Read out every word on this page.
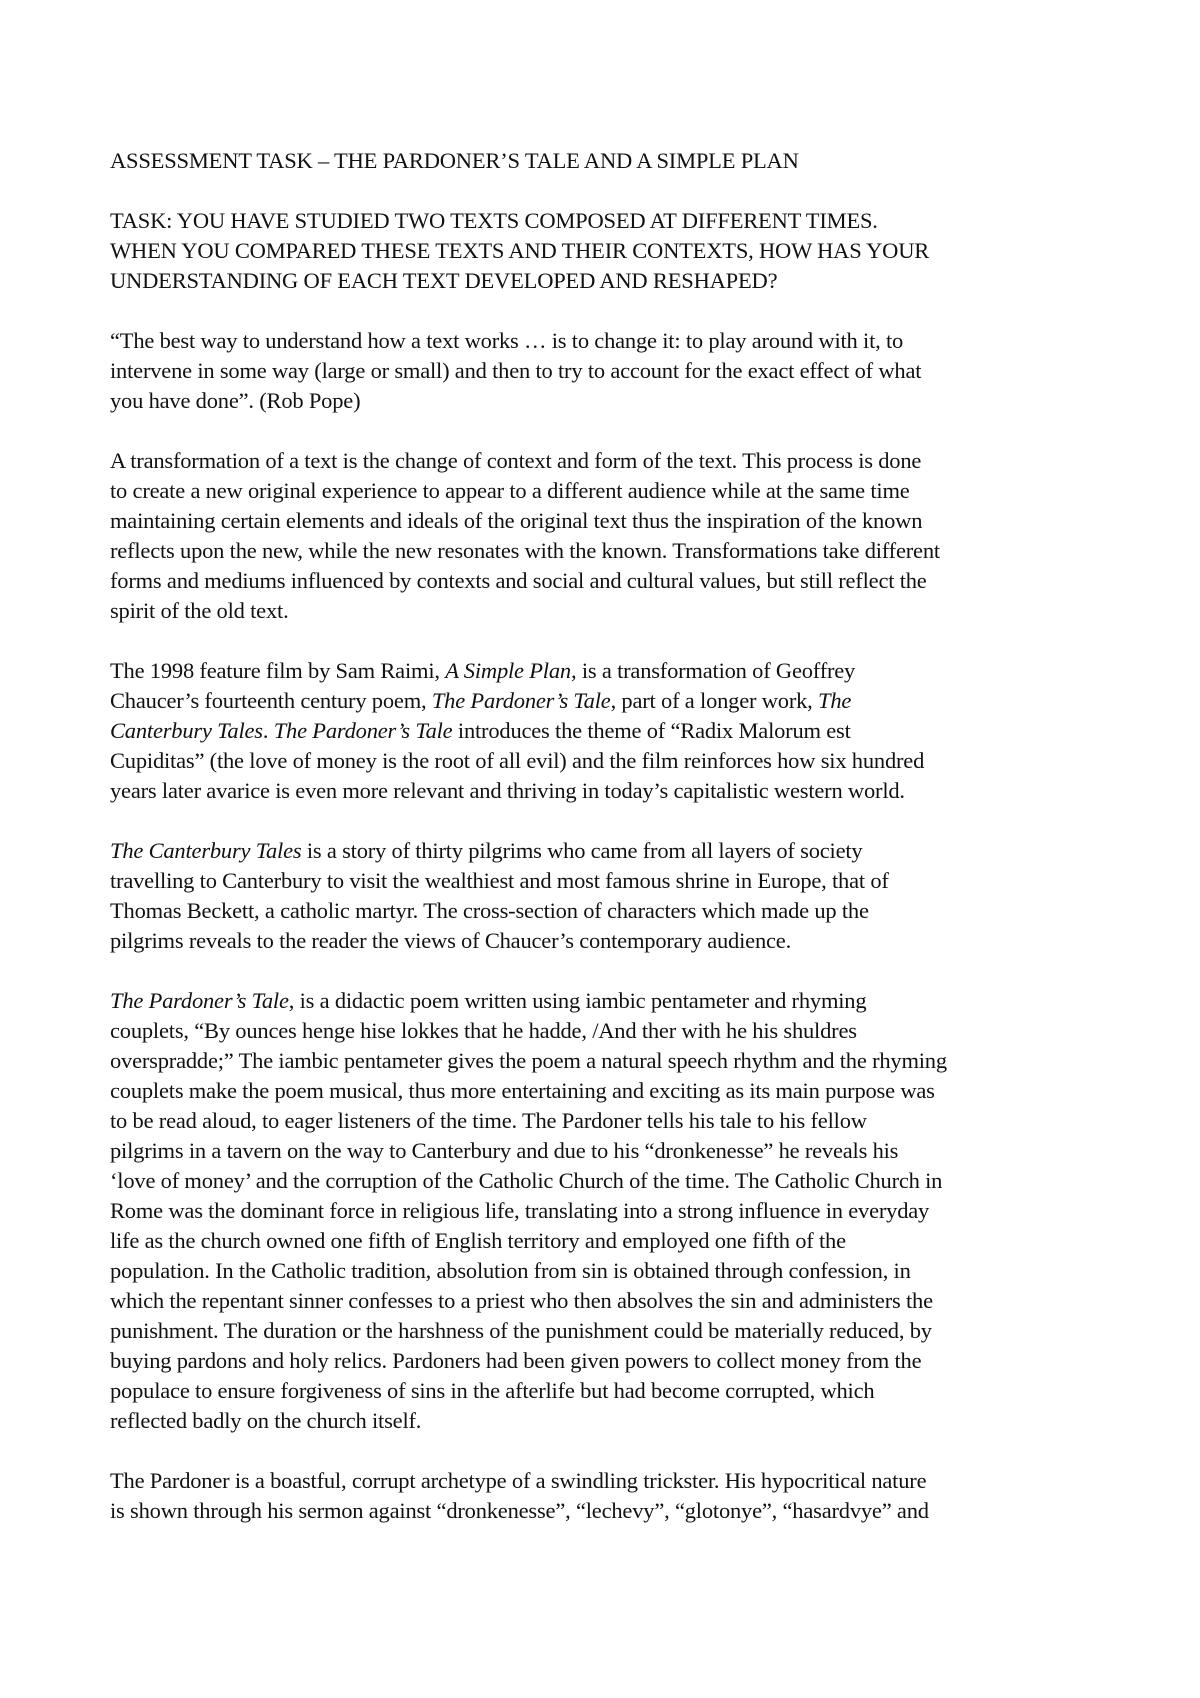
ASSESSMENT TASK – THE PARDONER’S TALE AND A SIMPLE PLAN

TASK: YOU HAVE STUDIED TWO TEXTS COMPOSED AT DIFFERENT TIMES.
WHEN YOU COMPARED THESE TEXTS AND THEIR CONTEXTS, HOW HAS YOUR
UNDERSTANDING OF EACH TEXT DEVELOPED AND RESHAPED?

“The best way to understand how a text works … is to change it: to play around with it, to
intervene in some way (large or small) and then to try to account for the exact effect of what
you have done”. (Rob Pope)

A transformation of a text is the change of context and form of the text. This process is done
to create a new original experience to appear to a different audience while at the same time
maintaining certain elements and ideals of the original text thus the inspiration of the known
reflects upon the new, while the new resonates with the known. Transformations take different
forms and mediums influenced by contexts and social and cultural values, but still reflect the
spirit of the old text.

The 1998 feature film by Sam Raimi, A Simple Plan, is a transformation of Geoffrey
Chaucer’s fourteenth century poem, The Pardoner’s Tale, part of a longer work, The
Canterbury Tales. The Pardoner’s Tale introduces the theme of “Radix Malorum est
Cupiditas” (the love of money is the root of all evil) and the film reinforces how six hundred
years later avarice is even more relevant and thriving in today’s capitalistic western world.

The Canterbury Tales is a story of thirty pilgrims who came from all layers of society
travelling to Canterbury to visit the wealthiest and most famous shrine in Europe, that of
Thomas Beckett, a catholic martyr. The cross-section of characters which made up the
pilgrims reveals to the reader the views of Chaucer’s contemporary audience.

The Pardoner’s Tale, is a didactic poem written using iambic pentameter and rhyming
couplets, “By ounces henge hise lokkes that he hadde, /And ther with he his shuldres
overspradde;” The iambic pentameter gives the poem a natural speech rhythm and the rhyming
couplets make the poem musical, thus more entertaining and exciting as its main purpose was
to be read aloud, to eager listeners of the time. The Pardoner tells his tale to his fellow
pilgrims in a tavern on the way to Canterbury and due to his “dronkenesse” he reveals his
‘love of money’ and the corruption of the Catholic Church of the time. The Catholic Church in
Rome was the dominant force in religious life, translating into a strong influence in everyday
life as the church owned one fifth of English territory and employed one fifth of the
population. In the Catholic tradition, absolution from sin is obtained through confession, in
which the repentant sinner confesses to a priest who then absolves the sin and administers the
punishment. The duration or the harshness of the punishment could be materially reduced, by
buying pardons and holy relics. Pardoners had been given powers to collect money from the
populace to ensure forgiveness of sins in the afterlife but had become corrupted, which
reflected badly on the church itself.

The Pardoner is a boastful, corrupt archetype of a swindling trickster. His hypocritical nature
is shown through his sermon against “dronkenesse”, “lechevy”, “glotonye”, “hasardvye” and
